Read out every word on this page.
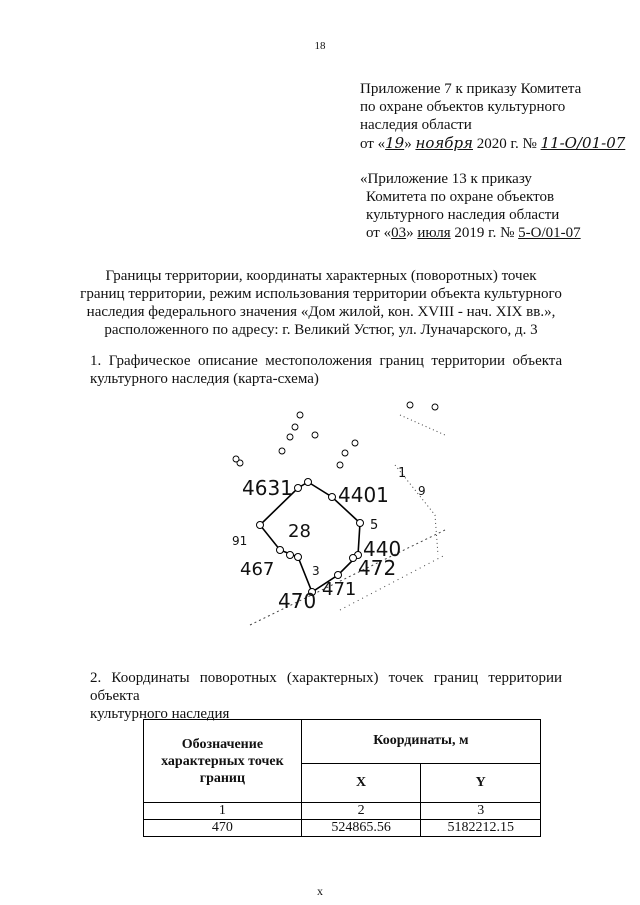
18
Приложение 7 к приказу Комитета
по охране объектов культурного
наследия области
от «19» ноября 2020 г. № 11-О/01-07
«Приложение 13 к приказу
Комитета по охране объектов
культурного наследия области
от «03» июля 2019 г. № 5-О/01-07
Границы территории, координаты характерных (поворотных) точек
границ территории, режим использования территории объекта культурного
наследия федерального значения «Дом жилой, кон. XVIII - нач. XIX вв.»,
расположенного по адресу: г. Великий Устюг, ул. Луначарского, д. 3
1.  Графическое  описание  местоположения  границ  территории  объекта
культурного наследия (карта-схема)
4631 4401
28
440
472
471
470
467
1
9
5
91
3
2. Координаты поворотных (характерных) точек границ территории объекта
культурного наследия
Обозначение характерных точек границ	Координаты, м	
	X	Y
1	2	3
470	524865.56	5182212.15
x
